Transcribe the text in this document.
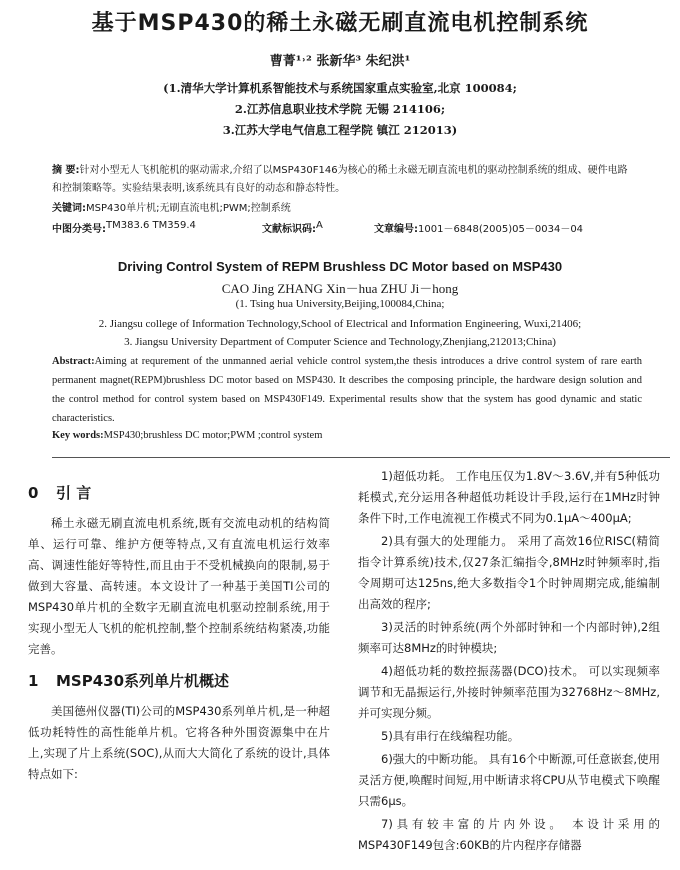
基于MSP430的稀土永磁无刷直流电机控制系统
曹菁¹˒² 张新华³ 朱纪洪¹
(1.清华大学计算机系智能技术与系统国家重点实验室,北京 100084;
2.江苏信息职业技术学院 无锡 214106;
3.江苏大学电气信息工程学院 镇江 212013)
摘 要:针对小型无人飞机舵机的驱动需求,介绍了以MSP430F146为核心的稀土永磁无刷直流电机的驱动控制系统的组成、硬件电路和控制策略等。实验结果表明,该系统具有良好的动态和静态特性。
关键词:MSP430单片机;无刷直流电机;PWM;控制系统
中图分类号: TM383.6 TM359.4	文献标识码: A	文章编号: 1001－6848(2005)05－0034－04
Driving Control System of REPM Brushless DC Motor based on MSP430
CAO Jing ZHANG Xin－hua ZHU Ji－hong
(1. Tsing hua University,Beijing,100084,China;
2. Jiangsu college of Information Technology,School of Electrical and Information Engineering, Wuxi,21406;
3. Jiangsu University Department of Computer Science and Technology,Zhenjiang,212013;China)
Abstract:Aiming at requrement of the unmanned aerial vehicle control system,the thesis introduces a drive control system of rare earth permanent magnet(REPM)brushless DC motor based on MSP430. It describes the composing principle, the hardware design solution and the control method for control system based on MSP430F149. Experimental results show that the system has good dynamic and static characteristics.
Key words:MSP430;brushless DC motor;PWM ;control system
0 引 言

稀土永磁无刷直流电机系统,既有交流电动机的结构简单、运行可靠、维护方便等特点,又有直流电机运行效率高、调速性能好等特性,而且由于不受机械换向的限制,易于做到大容量、高转速。本文设计了一种基于美国TI公司的MSP430单片机的全数字无刷直流电机驱动控制系统,用于实现小型无人飞机的舵机控制,整个控制系统结构紧凑,功能完善。

1 MSP430系列单片机概述

美国德州仪器(TI)公司的MSP430系列单片机,是一种超低功耗特性的高性能单片机。它将各种外围资源集中在片上,实现了片上系统(SOC),从而大大简化了系统的设计,具体特点如下:

1)超低功耗。 工作电压仅为1.8V～3.6V,并有5种低功耗模式,充分运用各种超低功耗设计手段,运行在1MHz时钟条件下时,工作电流视工作模式不同为0.1μA～400μA;

2)具有强大的处理能力。 采用了高效16位RISC(精简指令计算系统)技术,仅27条汇编指令,8MHz时钟频率时,指令周期可达125ns,绝大多数指令1个时钟周期完成,能编制出高效的程序;

3)灵活的时钟系统(两个外部时钟和一个内部时钟),2组频率可达8MHz的时钟模块;

4)超低功耗的数控振荡器(DCO)技术。 可以实现频率调节和无晶振运行,外接时钟频率范围为32768Hz～8MHz,并可实现分频。

5)具有串行在线编程功能。

6)强大的中断功能。 具有16个中断源,可任意嵌套,使用灵活方便,唤醒时间短,用中断请求将CPU从节电模式下唤醒只需6μs。

7)具有较丰富的片内外设。 本设计采用的MSP430F149包含:60KB的片内程序存储器
